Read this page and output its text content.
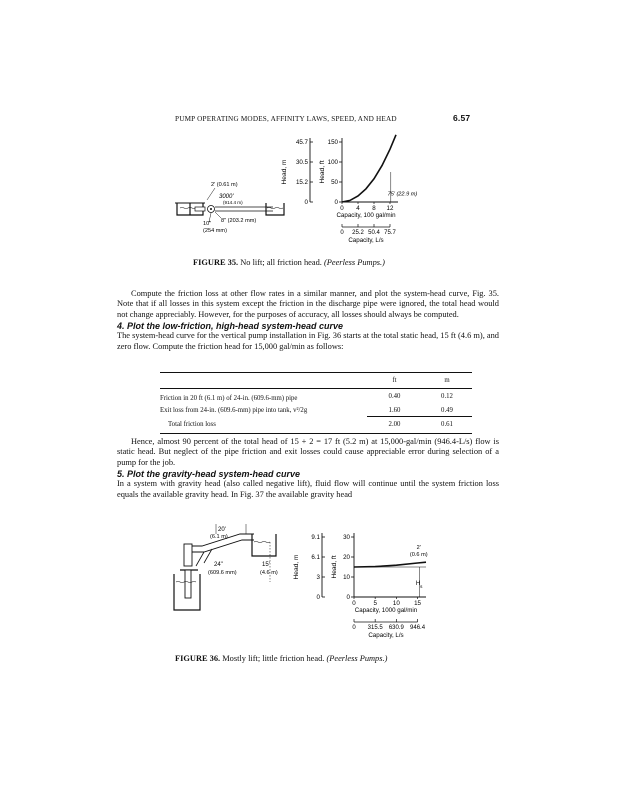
PUMP OPERATING MODES, AFFINITY LAWS, SPEED, AND HEAD	6.57
2' (0.61 m)
3000'
(914.4 m)
10"
(254 mm)
8" (203.2 mm)
0
0
50
15.2
100
30.5
150
45.7
0
0
4
25.2
8
50.4
12
75.7
Capacity, 100 gal/min
Capacity, L/s
Head, ft
Head, m
75' (22.9 m)
FIGURE 35. No lift; all friction head. (Peerless Pumps.)

Compute the friction loss at other flow rates in a similar manner, and plot the system-head curve, Fig. 35. Note that if all losses in this system except the friction in the discharge pipe were ignored, the total head would not change appreciably. However, for the purposes of accuracy, all losses should always be computed.

4. Plot the low-friction, high-head system-head curve

The system-head curve for the vertical pump installation in Fig. 36 starts at the total static head, 15 ft (4.6 m), and zero flow. Compute the friction head for 15,000 gal/min as follows:

	ft	m
Friction in 20 ft (6.1 m) of 24-in. (609.6-mm) pipe	0.40	0.12
Exit loss from 24-in. (609.6-mm) pipe into tank, v²/2g	1.60	0.49
Total friction loss	2.00	0.61

Hence, almost 90 percent of the total head of 15 + 2 = 17 ft (5.2 m) at 15,000-gal/min (946.4-L/s) flow is static head. But neglect of the pipe friction and exit losses could cause appreciable error during selection of a pump for the job.

5. Plot the gravity-head system-head curve

In a system with gravity head (also called negative lift), fluid flow will continue until the system friction loss equals the available gravity head. In Fig. 37 the available gravity head

20'
(6.1 m)
15'
(4.6 m)
24"
(609.6 mm)
0
0
10
3
20
6.1
30
9.1
0
0
5
315.5
10
630.9
15
946.4
Capacity, 1000 gal/min
Capacity, L/s
Head, ft
Head, m
2'
(0.6 m)
H s
FIGURE 36. Mostly lift; little friction head. (Peerless Pumps.)
